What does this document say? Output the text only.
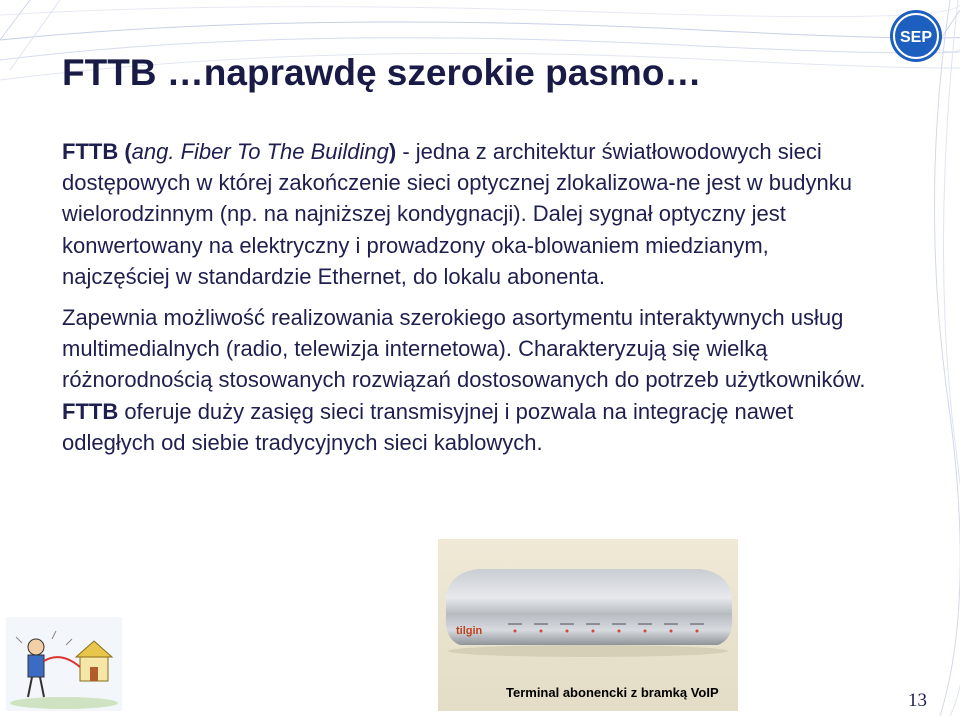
SEP
FTTB …naprawdę szerokie pasmo…

FTTB (ang. Fiber To The Building) - jedna z architektur światłowodowych sieci dostępowych w której zakończenie sieci optycznej zlokalizowa-ne jest w budynku wielorodzinnym (np. na najniższej kondygnacji). Dalej sygnał optyczny jest konwertowany na elektryczny i prowadzony oka-blowaniem miedzianym, najczęściej w standardzie Ethernet, do lokalu abonenta.

Zapewnia możliwość realizowania szerokiego asortymentu interaktywnych usług multimedialnych (radio, telewizja internetowa). Charakteryzują się wielką różnorodnością stosowanych rozwiązań dostosowanych do potrzeb użytkowników. FTTB oferuje duży zasięg sieci transmisyjnej i pozwala na integrację nawet odległych od siebie tradycyjnych sieci kablowych.

tilgin
Terminal abonencki z bramką VoIP	13
